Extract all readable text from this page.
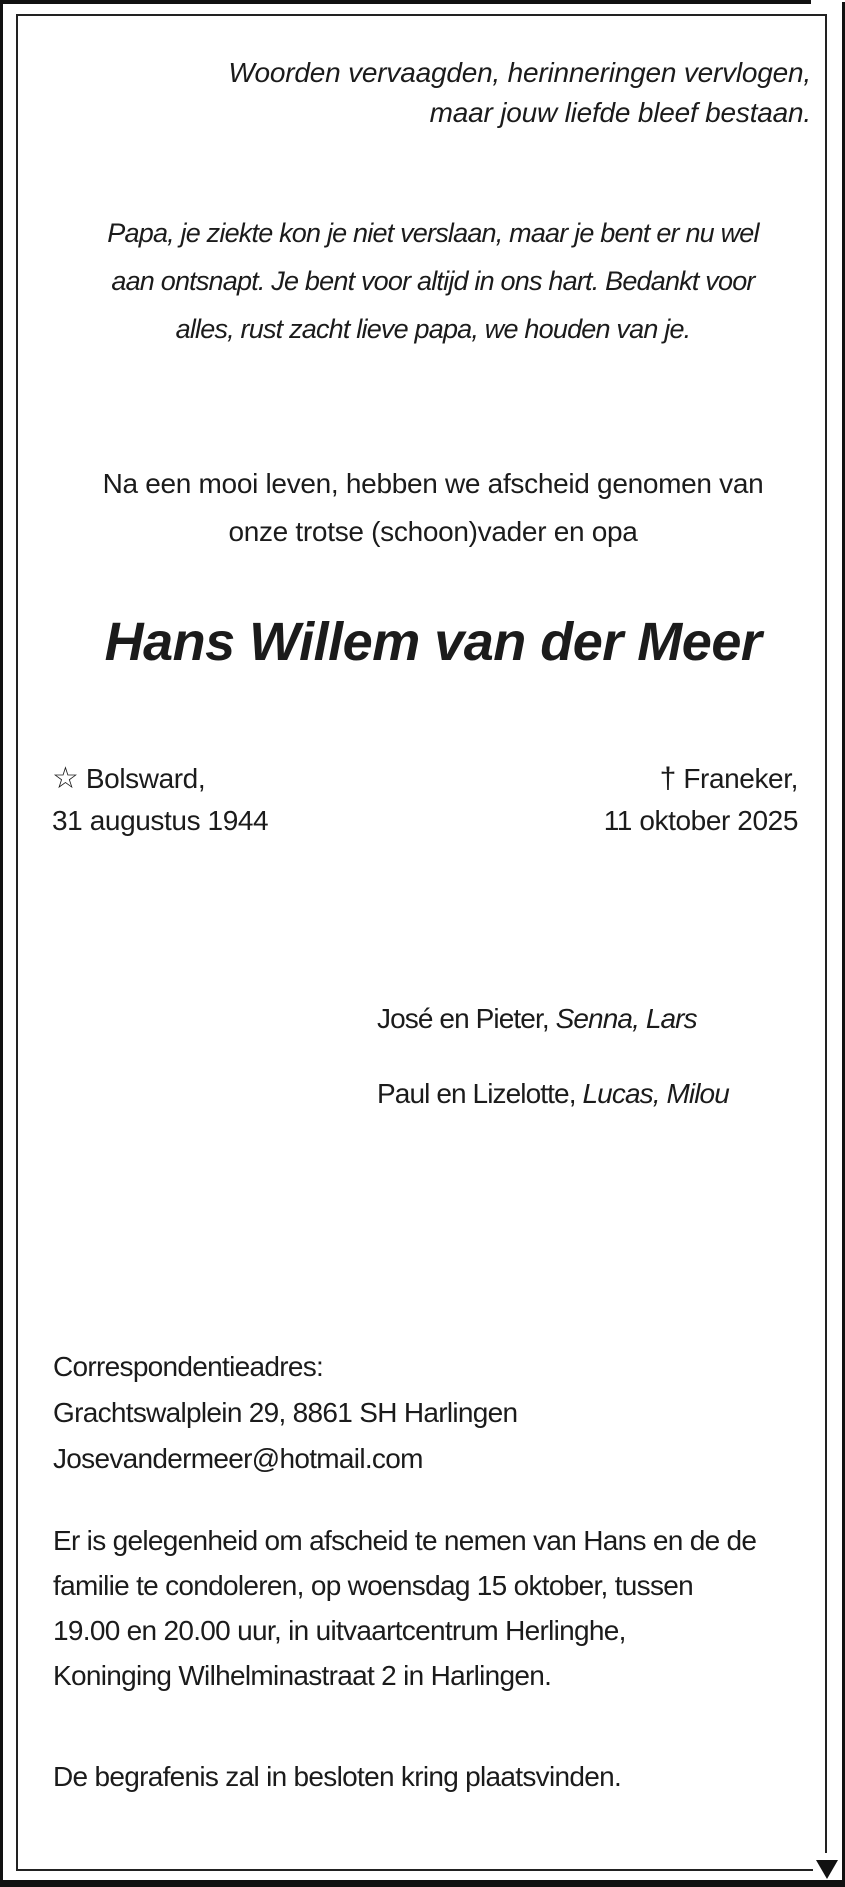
Woorden vervaagden, herinneringen vervlogen,
maar jouw liefde bleef bestaan.
Papa, je ziekte kon je niet verslaan, maar je bent er nu wel
aan ontsnapt. Je bent voor altijd in ons hart. Bedankt voor
alles, rust zacht lieve papa, we houden van je.
Na een mooi leven, hebben we afscheid genomen van
onze trotse (schoon)vader en opa
Hans Willem van der Meer
☆ Bolsward,
31 augustus 1944
† Franeker,
11 oktober 2025
José en Pieter, Senna, Lars
Paul en Lizelotte, Lucas, Milou
Correspondentieadres:
Grachtswalplein 29, 8861 SH Harlingen
Josevandermeer@hotmail.com
Er is gelegenheid om afscheid te nemen van Hans en de de
familie te condoleren, op woensdag 15 oktober, tussen
19.00 en 20.00 uur, in uitvaartcentrum Herlinghe,
Koninging Wilhelminastraat 2 in Harlingen.
De begrafenis zal in besloten kring plaatsvinden.
